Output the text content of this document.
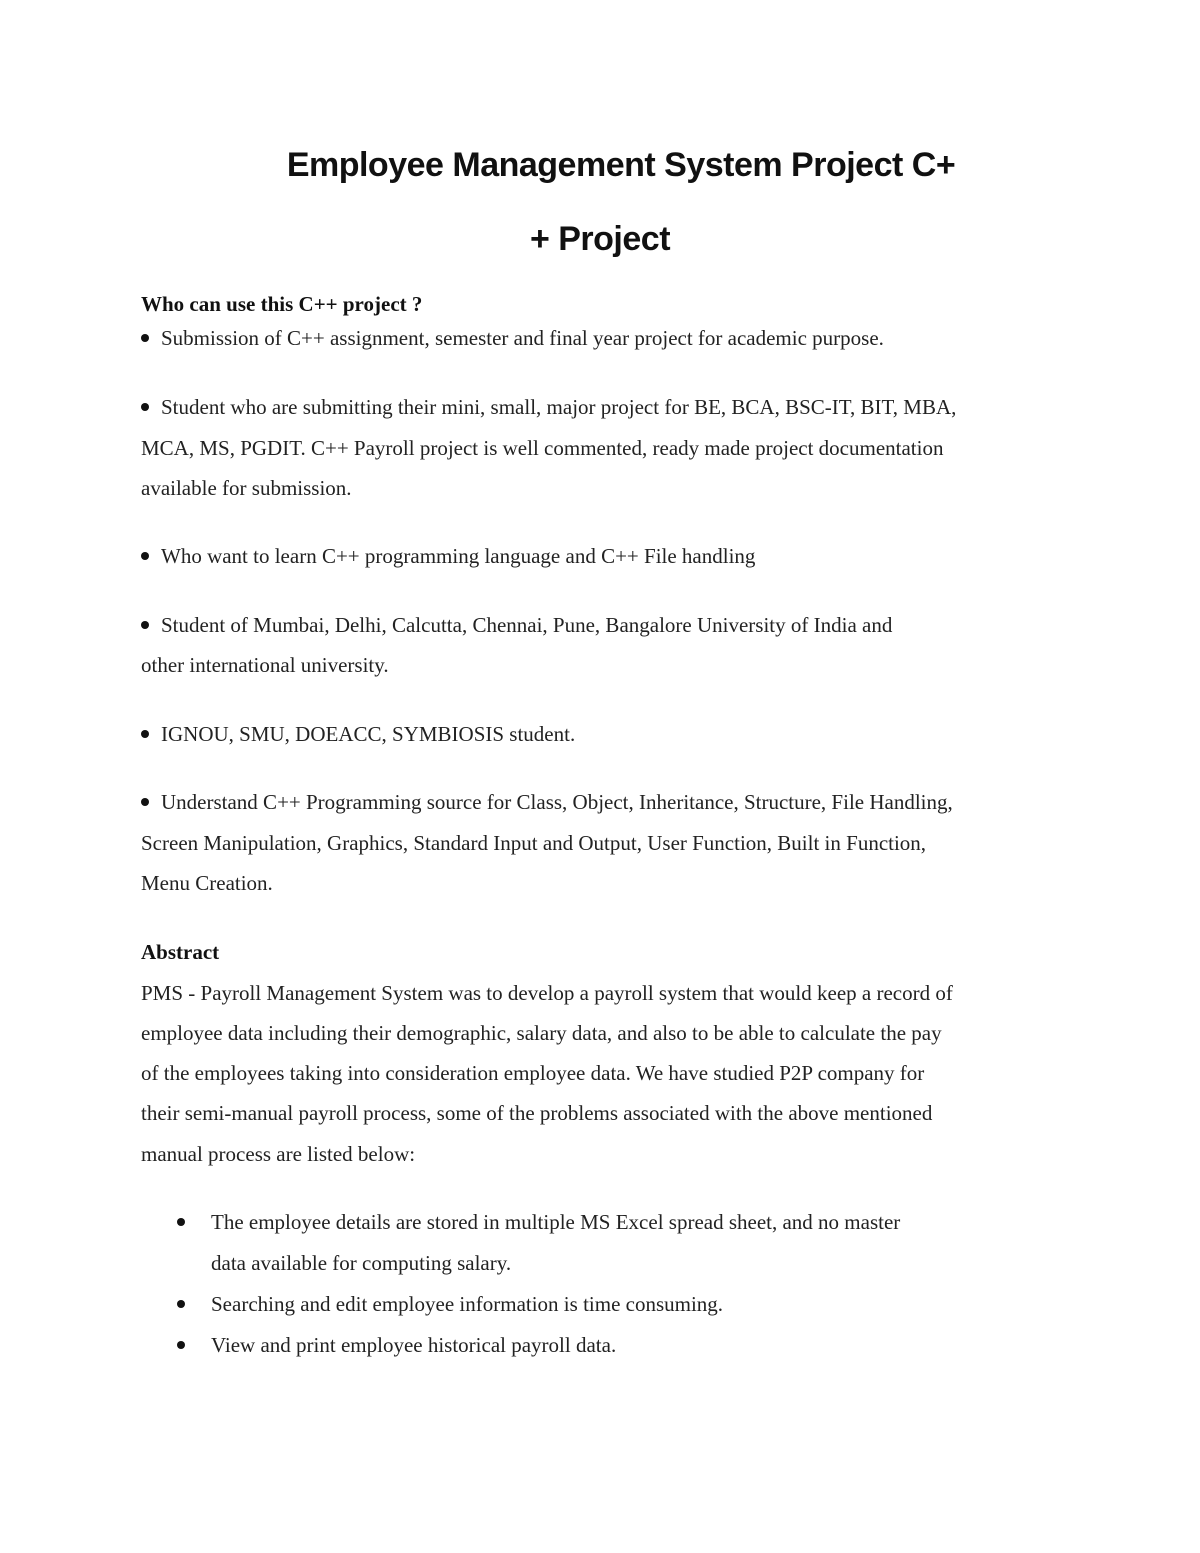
Employee Management System Project C+
+ Project

Who can use this C++ project ?

Submission of C++ assignment, semester and final year project for academic purpose.

Student who are submitting their mini, small, major project for BE, BCA, BSC-IT, BIT, MBA,

MCA, MS, PGDIT. C++ Payroll project is well commented, ready made project documentation

available for submission.

Who want to learn C++ programming language and C++ File handling

Student of Mumbai, Delhi, Calcutta, Chennai, Pune, Bangalore University of India and

other international university.

IGNOU, SMU, DOEACC, SYMBIOSIS student.

Understand C++ Programming source for Class, Object, Inheritance, Structure, File Handling,

Screen Manipulation, Graphics, Standard Input and Output, User Function, Built in Function,

Menu Creation.

Abstract

PMS - Payroll Management System was to develop a payroll system that would keep a record of

employee data including their demographic, salary data, and also to be able to calculate the pay

of the employees taking into consideration employee data. We have studied P2P company for

their semi-manual payroll process, some of the problems associated with the above mentioned

manual process are listed below:

The employee details are stored in multiple MS Excel spread sheet, and no master

data available for computing salary.

Searching and edit employee information is time consuming.

View and print employee historical payroll data.
